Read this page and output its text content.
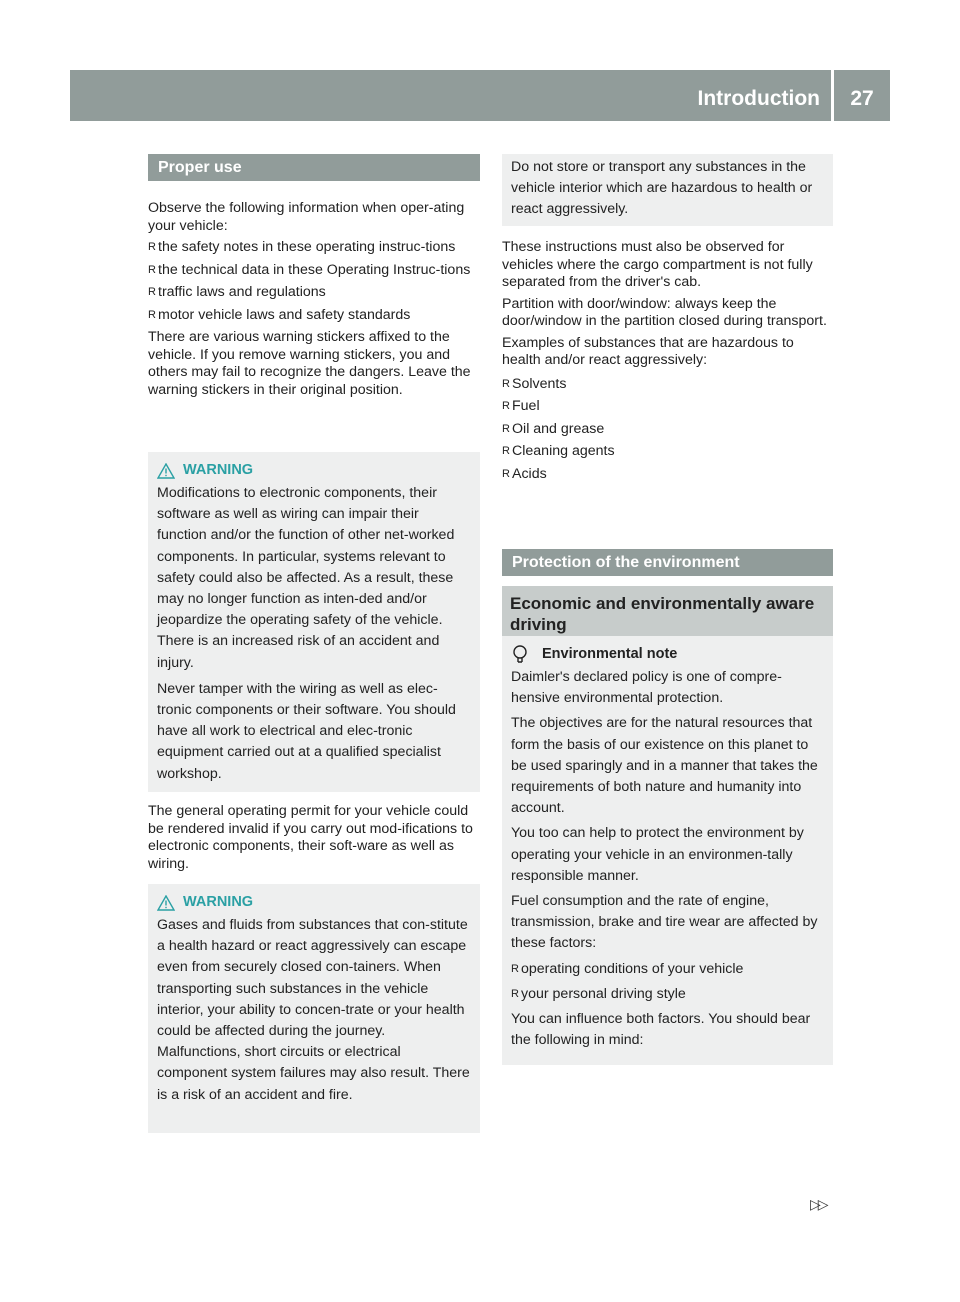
Introduction	27
Proper use

Observe the following information when oper-ating your vehicle:

R the safety notes in these operating instruc-tions
R the technical data in these Operating Instruc-tions
R traffic laws and regulations
R motor vehicle laws and safety standards

There are various warning stickers affixed to the vehicle. If you remove warning stickers, you and others may fail to recognize the dangers. Leave the warning stickers in their original position.

WARNING

Modifications to electronic components, their software as well as wiring can impair their function and/or the function of other net-worked components. In particular, systems relevant to safety could also be affected. As a result, these may no longer function as inten-ded and/or jeopardize the operating safety of the vehicle. There is an increased risk of an accident and injury.

Never tamper with the wiring as well as elec-tronic components or their software. You should have all work to electrical and elec-tronic equipment carried out at a qualified specialist workshop.

The general operating permit for your vehicle could be rendered invalid if you carry out mod-ifications to electronic components, their soft-ware as well as wiring.

WARNING

Gases and fluids from substances that con-stitute a health hazard or react aggressively can escape even from securely closed con-tainers. When transporting such substances in the vehicle interior, your ability to concen-trate or your health could be affected during the journey. Malfunctions, short circuits or electrical component system failures may also result. There is a risk of an accident and fire.

Do not store or transport any substances in the vehicle interior which are hazardous to health or react aggressively.

These instructions must also be observed for vehicles where the cargo compartment is not fully separated from the driver's cab.

Partition with door/window: always keep the door/window in the partition closed during transport.

Examples of substances that are hazardous to health and/or react aggressively:

R Solvents
R Fuel
R Oil and grease
R Cleaning agents
R Acids
Protection of the environment
Economic and environmentally aware driving
Environmental note

Daimler's declared policy is one of compre-hensive environmental protection.

The objectives are for the natural resources that form the basis of our existence on this planet to be used sparingly and in a manner that takes the requirements of both nature and humanity into account.

You too can help to protect the environment by operating your vehicle in an environmen-tally responsible manner.

Fuel consumption and the rate of engine, transmission, brake and tire wear are affected by these factors:

R operating conditions of your vehicle
R your personal driving style

You can influence both factors. You should bear the following in mind:

▷▷
